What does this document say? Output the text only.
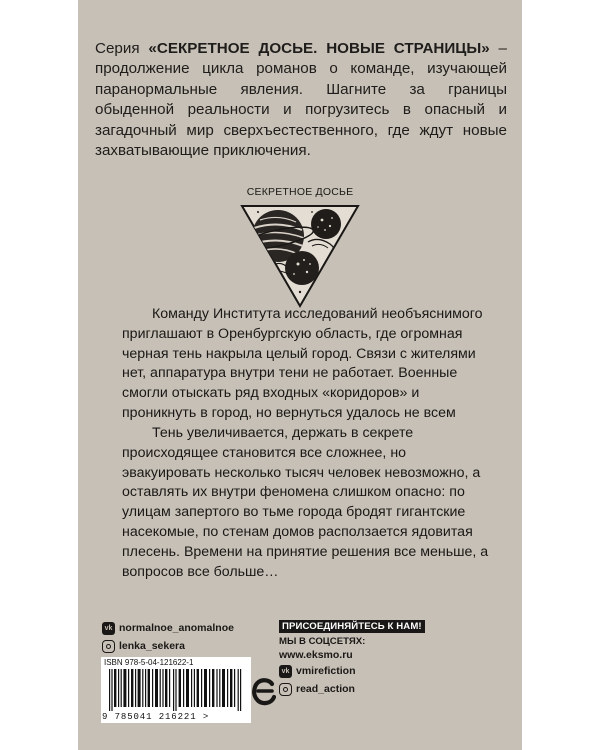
Серия «СЕКРЕТНОЕ ДОСЬЕ. НОВЫЕ СТРАНИЦЫ» – продолжение цикла романов о команде, изучающей паранормальные явления. Шагните за границы обыденной реальности и погрузитесь в опасный и загадочный мир сверхъестественного, где ждут новые захватывающие приключения.
СЕКРЕТНОЕ ДОСЬЕ
Команду Института исследований необъяснимого приглашают в Оренбургскую область, где огромная черная тень накрыла целый город. Связи с жителями нет, аппаратура внутри тени не работает. Военные смогли отыскать ряд входных «коридоров» и проникнуть в город, но вернуться удалось не всем
Тень увеличивается, держать в секрете происходящее становится все сложнее, но эвакуировать несколько тысяч человек невозможно, а оставлять их внутри феномена слишком опасно: по улицам запертого во тьме города бродят гигантские насекомые, по стенам домов расползается ядовитая плесень. Времени на принятие решения все меньше, а вопросов все больше…
vk normalnoe_anomalnoe
lenka_sekera
ISBN 978-5-04-121622-1
9 785041 216221 >
ПРИСОЕДИНЯЙТЕСЬ К НАМ!
МЫ В СОЦСЕТЯХ:
www.eksmo.ru
vk vmirefiction
read_action
